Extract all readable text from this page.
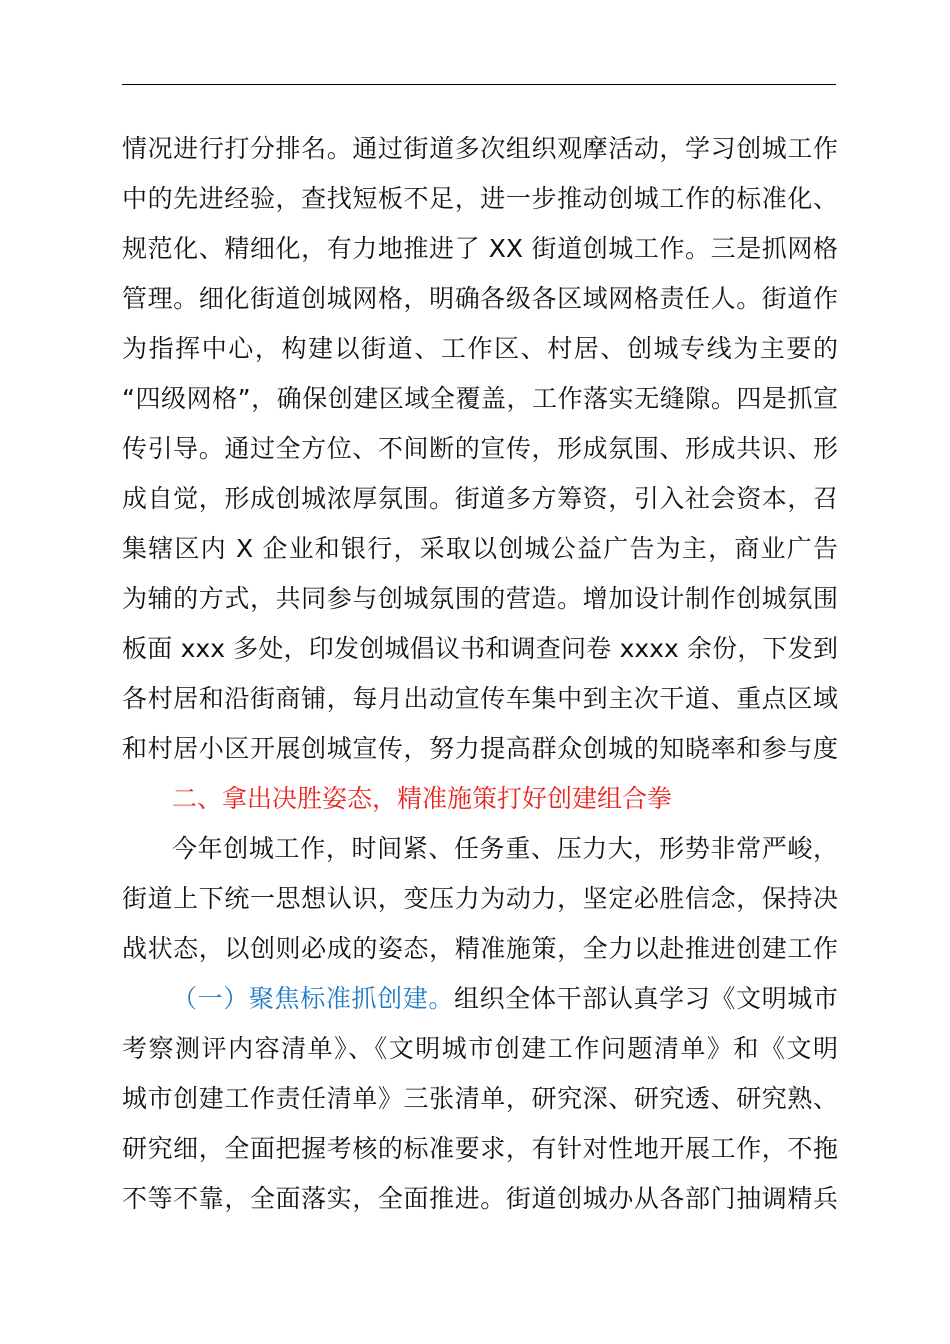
情况进行打分排名。通过街道多次组织观摩活动，学习创城工作
中的先进经验，查找短板不足，进一步推动创城工作的标准化、
规范化、精细化，有力地推进了 XX 街道创城工作。三是抓网格
管理。细化街道创城网格，明确各级各区域网格责任人。街道作
为指挥中心，构建以街道、工作区、村居、创城专线为主要的
“四级网格”，确保创建区域全覆盖，工作落实无缝隙。四是抓宣
传引导。通过全方位、不间断的宣传，形成氛围、形成共识、形
成自觉，形成创城浓厚氛围。街道多方筹资，引入社会资本，召
集辖区内 X 企业和银行，采取以创城公益广告为主，商业广告
为辅的方式，共同参与创城氛围的营造。增加设计制作创城氛围
板面 xxx 多处，印发创城倡议书和调查问卷 xxxx 余份，下发到
各村居和沿街商铺，每月出动宣传车集中到主次干道、重点区域
和村居小区开展创城宣传，努力提高群众创城的知晓率和参与度
二、拿出决胜姿态，精准施策打好创建组合拳
今年创城工作，时间紧、任务重、压力大，形势非常严峻，
街道上下统一思想认识，变压力为动力，坚定必胜信念，保持决
战状态，以创则必成的姿态，精准施策，全力以赴推进创建工作
（一）聚焦标准抓创建。组织全体干部认真学习《文明城市
考察测评内容清单》、《文明城市创建工作问题清单》和《文明
城市创建工作责任清单》三张清单，研究深、研究透、研究熟、
研究细，全面把握考核的标准要求，有针对性地开展工作，不拖
不等不靠，全面落实，全面推进。街道创城办从各部门抽调精兵
